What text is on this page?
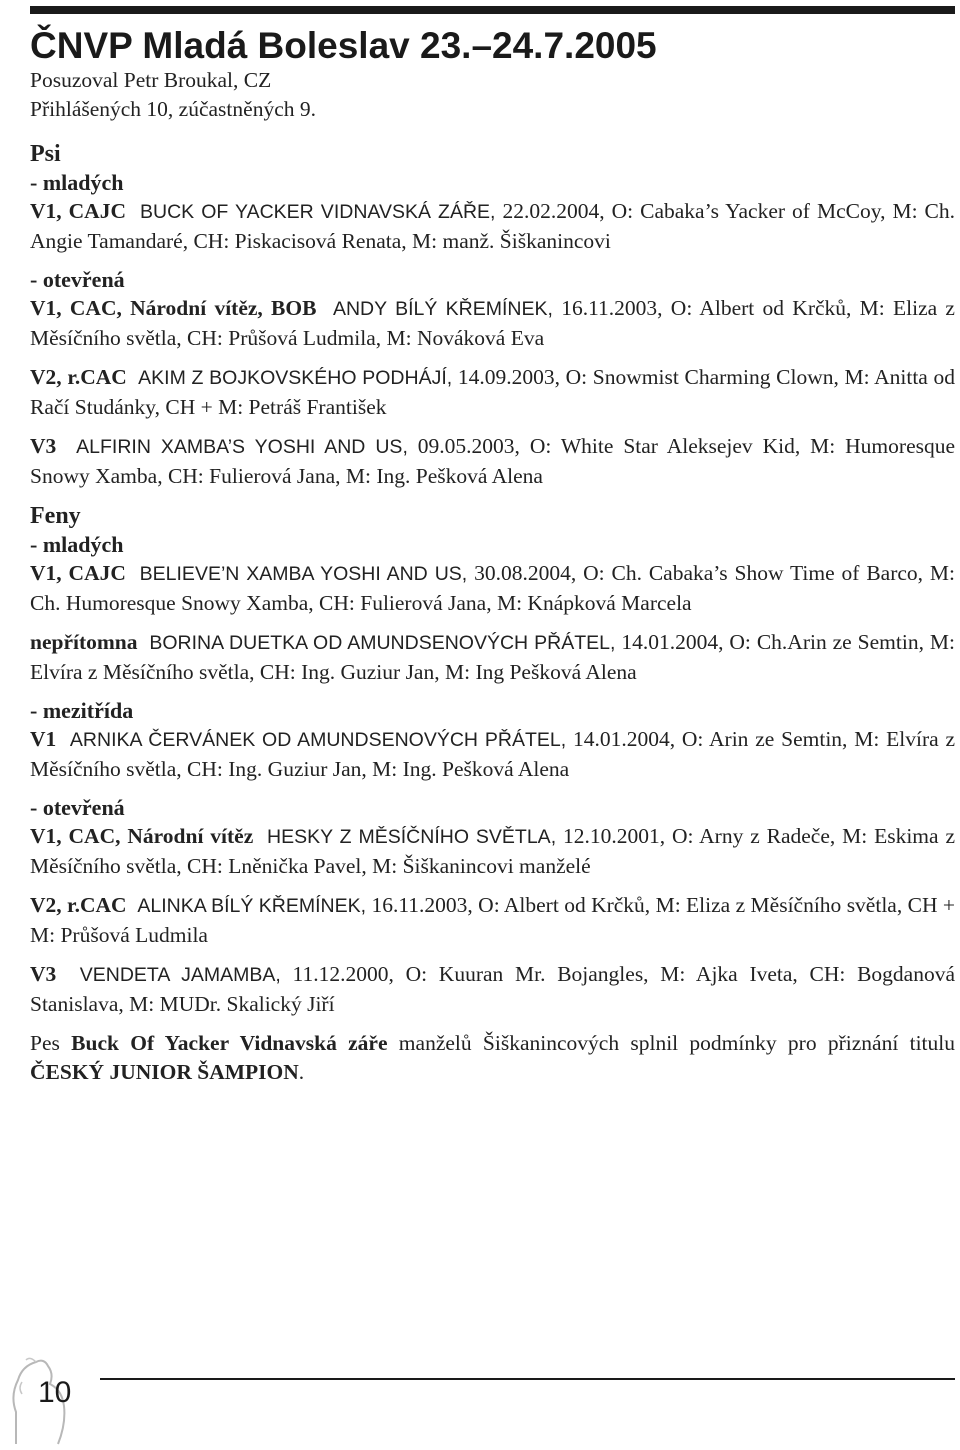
ČNVP Mladá Boleslav 23.–24.7.2005

Posuzoval Petr Broukal, CZ

Přihlášených 10, zúčastněných 9.

Psi

- mladých

V1, CAJC BUCK OF YACKER VIDNAVSKÁ ZÁŘE, 22.02.2004, O: Cabaka’s Yacker of McCoy, M: Ch. Angie Tamandaré, CH: Piskacisová Renata, M: manž. Šiškanincovi

- otevřená

V1, CAC, Národní vítěz, BOB ANDY BÍLÝ KŘEMÍNEK, 16.11.2003, O: Albert od Krčků, M: Eliza z Měsíčního světla, CH: Průšová Ludmila, M: Nováková Eva

V2, r.CAC AKIM Z BOJKOVSKÉHO PODHÁJÍ, 14.09.2003, O: Snowmist Charming Clown, M: Anitta od Račí Studánky, CH + M: Petráš František

V3 ALFIRIN XAMBA’S YOSHI AND US, 09.05.2003, O: White Star Aleksejev Kid, M: Humoresque Snowy Xamba, CH: Fulierová Jana, M: Ing. Pešková Alena

Feny

- mladých

V1, CAJC BELIEVE’N XAMBA YOSHI AND US, 30.08.2004, O: Ch. Cabaka’s Show Time of Barco, M: Ch. Humoresque Snowy Xamba, CH: Fulierová Jana, M: Knápková Marcela

nepřítomna BORINA DUETKA OD AMUNDSENOVÝCH PŘÁTEL, 14.01.2004, O: Ch.Arin ze Semtin, M: Elvíra z Měsíčního světla, CH: Ing. Guziur Jan, M: Ing Pešková Alena

- mezitřída

V1 ARNIKA ČERVÁNEK OD AMUNDSENOVÝCH PŘÁTEL, 14.01.2004, O: Arin ze Semtin, M: Elvíra z Měsíčního světla, CH: Ing. Guziur Jan, M: Ing. Pešková Alena

- otevřená

V1, CAC, Národní vítěz HESKY Z MĚSÍČNÍHO SVĚTLA, 12.10.2001, O: Arny z Radeče, M: Eskima z Měsíčního světla, CH: Lněnička Pavel, M: Šiškanincovi manželé

V2, r.CAC ALINKA BÍLÝ KŘEMÍNEK, 16.11.2003, O: Albert od Krčků, M: Eliza z Měsíčního světla, CH + M: Průšová Ludmila

V3 VENDETA JAMAMBA, 11.12.2000, O: Kuuran Mr. Bojangles, M: Ajka Iveta, CH: Bogdanová Stanislava, M: MUDr. Skalický Jiří

Pes Buck Of Yacker Vidnavská záře manželů Šiškanincových splnil podmínky pro přiznání titulu ČESKÝ JUNIOR ŠAMPION.

10
